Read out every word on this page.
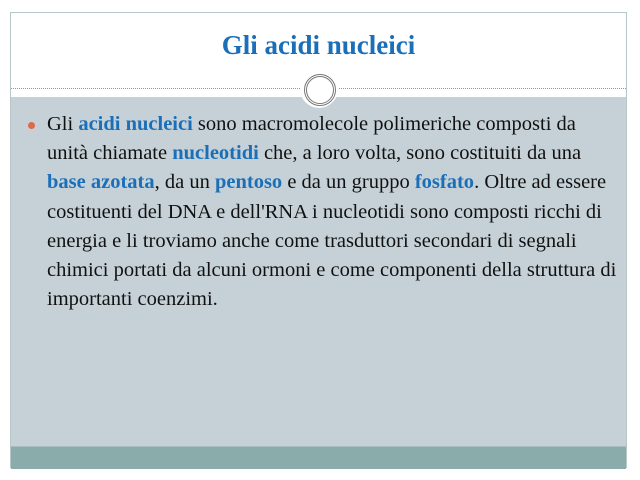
Gli acidi nucleici
Gli acidi nucleici sono macromolecole polimeriche composti da unità chiamate nucleotidi che, a loro volta, sono costituiti da una base azotata, da un pentoso e da un gruppo fosfato. Oltre ad essere costituenti del DNA e dell'RNA i nucleotidi sono composti ricchi di energia e li troviamo anche come trasduttori secondari di segnali chimici portati da alcuni ormoni e come componenti della struttura di importanti coenzimi.
